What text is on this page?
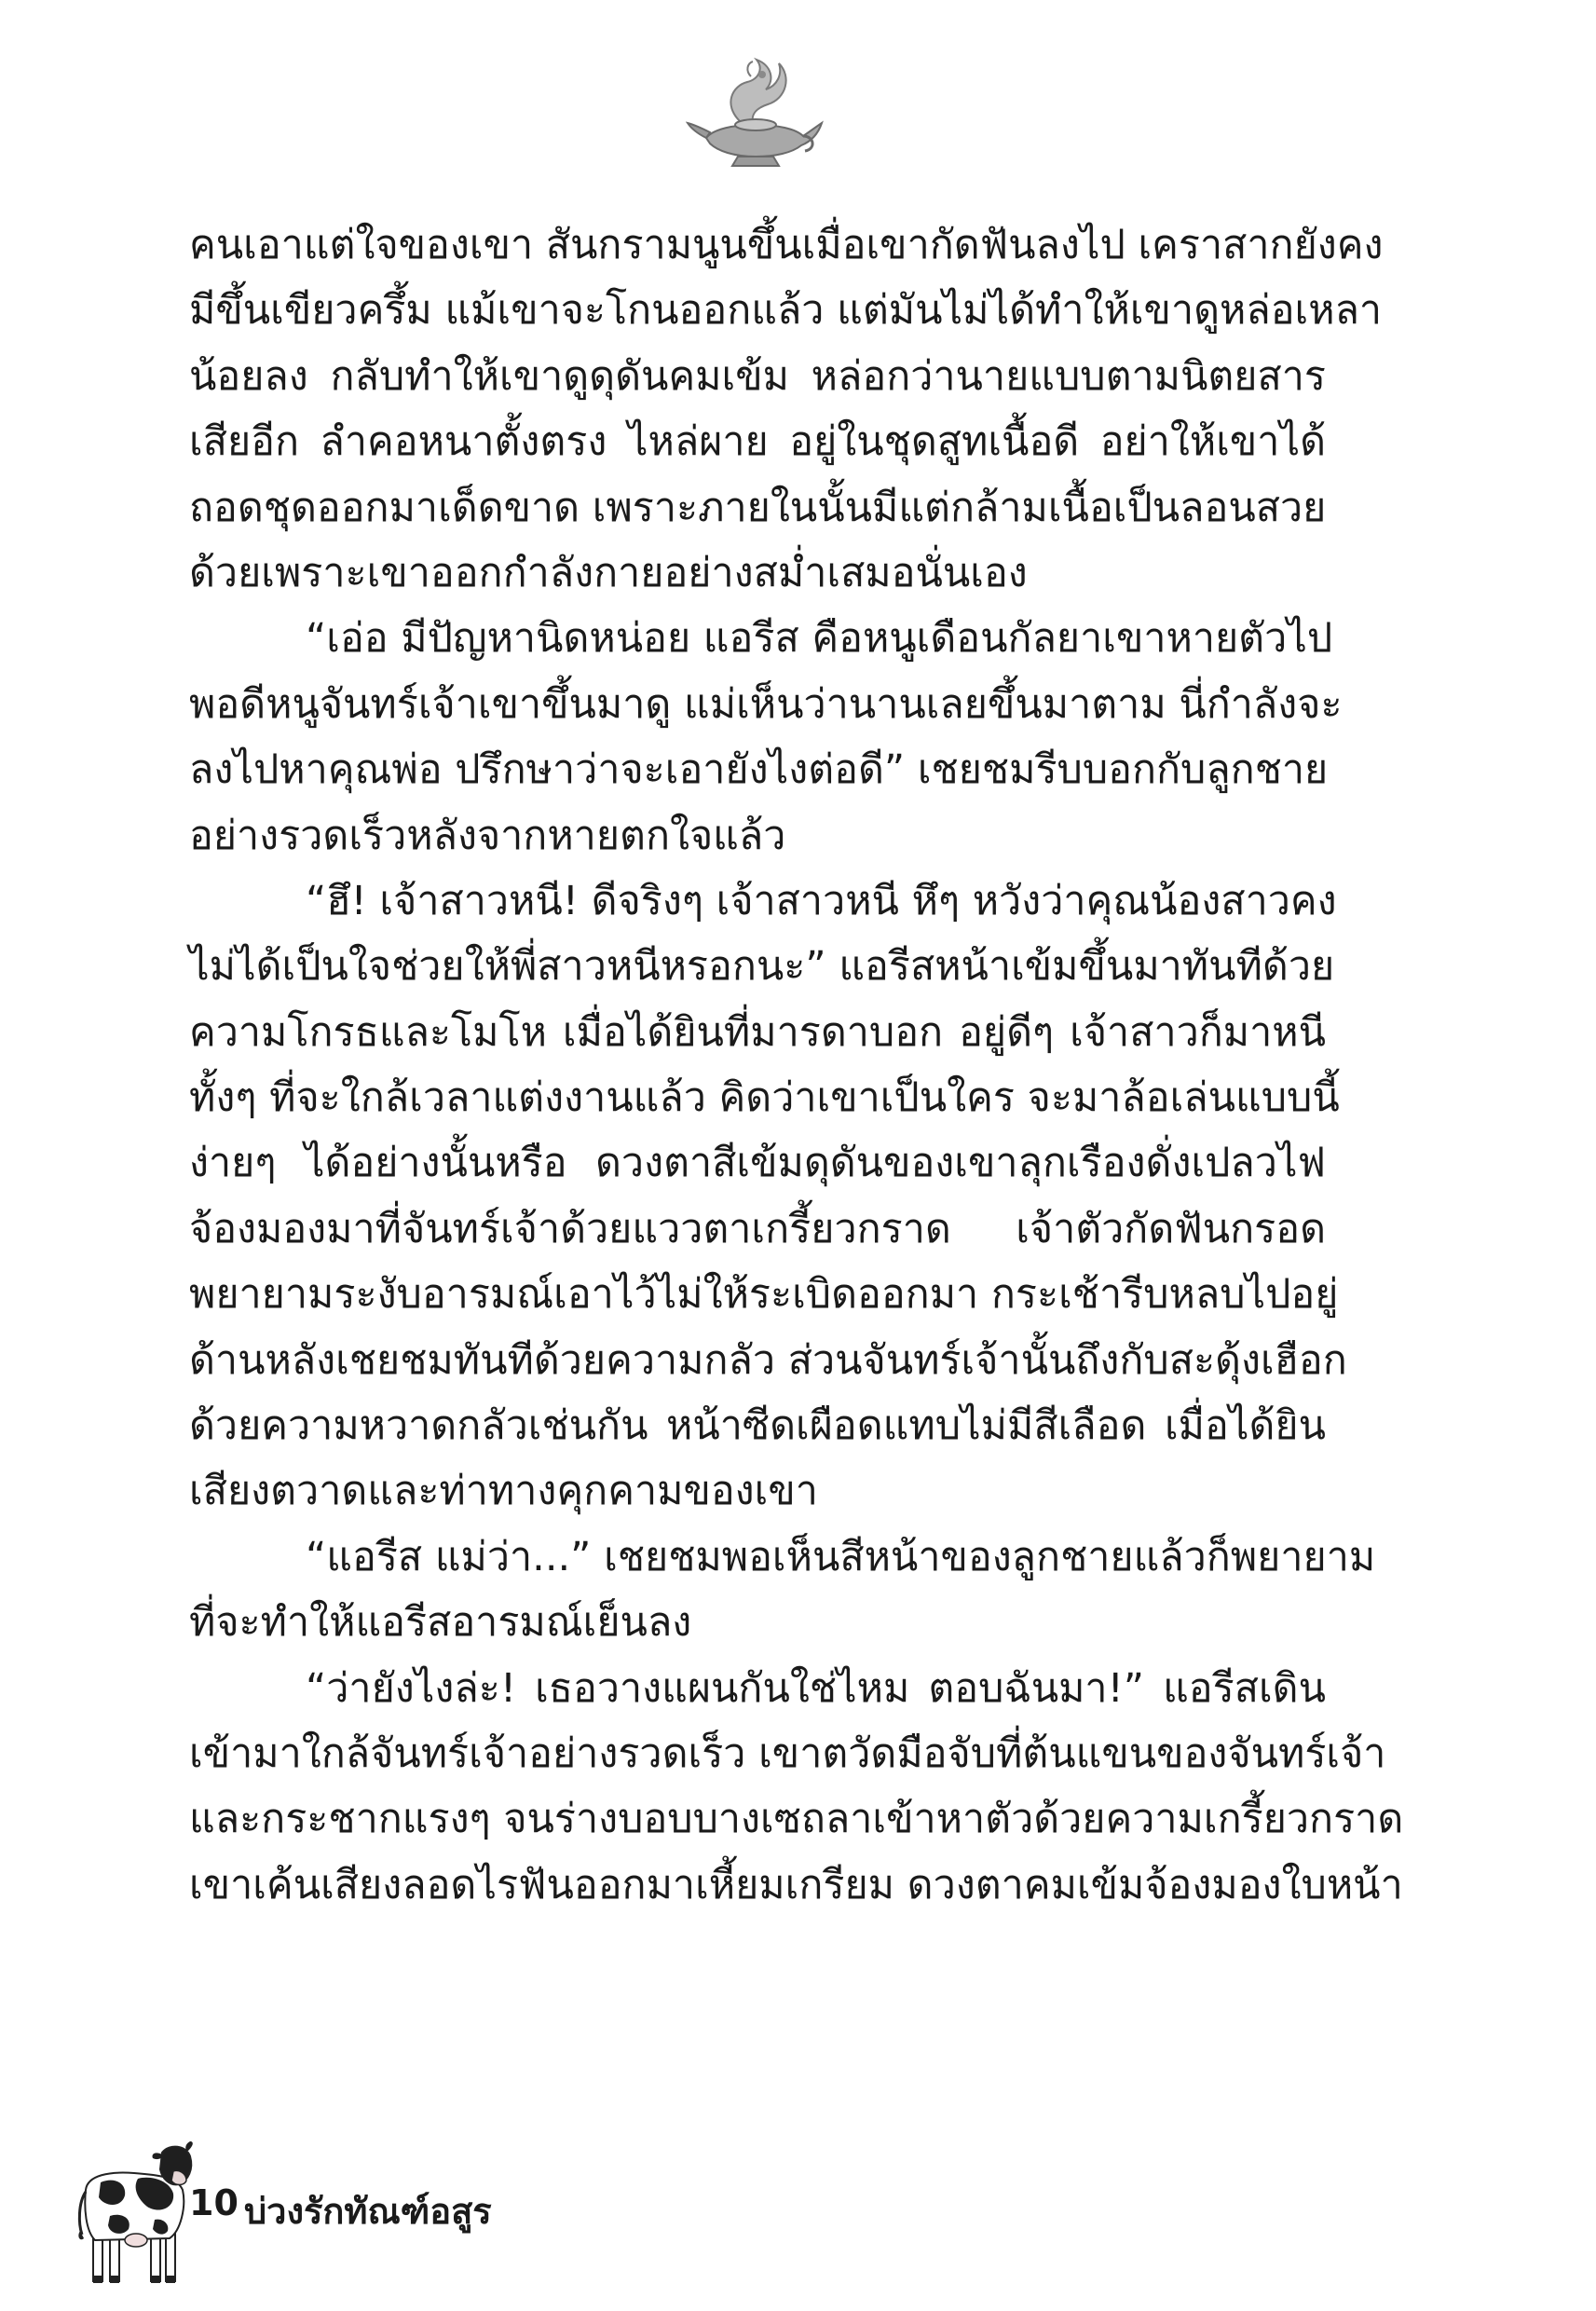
คนเอาแต่ใจของเขา สันกรามนูนขึ้นเมื่อเขากัดฟันลงไป เคราสากยังคง
มีขึ้นเขียวครึ้ม แม้เขาจะโกนออกแล้ว แต่มันไม่ได้ทำให้เขาดูหล่อเหลา
น้อยลง กลับทำให้เขาดูดุดันคมเข้ม หล่อกว่านายแบบตามนิตยสาร
เสียอีก ลำคอหนาตั้งตรง ไหล่ผาย อยู่ในชุดสูทเนื้อดี อย่าให้เขาได้
ถอดชุดออกมาเด็ดขาด เพราะภายในนั้นมีแต่กล้ามเนื้อเป็นลอนสวย
ด้วยเพราะเขาออกกำลังกายอย่างสม่ำเสมอนั่นเอง
“เอ่อ มีปัญหานิดหน่อย แอรีส คือหนูเดือนกัลยาเขาหายตัวไป
พอดีหนูจันทร์เจ้าเขาขึ้นมาดู แม่เห็นว่านานเลยขึ้นมาตาม นี่กำลังจะ
ลงไปหาคุณพ่อ ปรึกษาว่าจะเอายังไงต่อดี” เชยชมรีบบอกกับลูกชาย
อย่างรวดเร็วหลังจากหายตกใจแล้ว
“ฮึ! เจ้าสาวหนี! ดีจริงๆ เจ้าสาวหนี หึๆ หวังว่าคุณน้องสาวคง
ไม่ได้เป็นใจช่วยให้พี่สาวหนีหรอกนะ” แอรีสหน้าเข้มขึ้นมาทันทีด้วย
ความโกรธและโมโห เมื่อได้ยินที่มารดาบอก อยู่ดีๆ เจ้าสาวก็มาหนี
ทั้งๆ ที่จะใกล้เวลาแต่งงานแล้ว คิดว่าเขาเป็นใคร จะมาล้อเล่นแบบนี้
ง่ายๆ ได้อย่างนั้นหรือ ดวงตาสีเข้มดุดันของเขาลุกเรืองดั่งเปลวไฟ
จ้องมองมาที่จันทร์เจ้าด้วยแววตาเกรี้ยวกราด เจ้าตัวกัดฟันกรอด
พยายามระงับอารมณ์เอาไว้ไม่ให้ระเบิดออกมา กระเช้ารีบหลบไปอยู่
ด้านหลังเชยชมทันทีด้วยความกลัว ส่วนจันทร์เจ้านั้นถึงกับสะดุ้งเฮือก
ด้วยความหวาดกลัวเช่นกัน หน้าซีดเผือดแทบไม่มีสีเลือด เมื่อได้ยิน
เสียงตวาดและท่าทางคุกคามของเขา
“แอรีส แม่ว่า...” เชยชมพอเห็นสีหน้าของลูกชายแล้วก็พยายาม
ที่จะทำให้แอรีสอารมณ์เย็นลง
“ว่ายังไงล่ะ! เธอวางแผนกันใช่ไหม ตอบฉันมา!” แอรีสเดิน
เข้ามาใกล้จันทร์เจ้าอย่างรวดเร็ว เขาตวัดมือจับที่ต้นแขนของจันทร์เจ้า
และกระชากแรงๆ จนร่างบอบบางเซถลาเข้าหาตัวด้วยความเกรี้ยวกราด
เขาเค้นเสียงลอดไรฟันออกมาเหี้ยมเกรียม ดวงตาคมเข้มจ้องมองใบหน้า
10 บ่วงรักทัณฑ์อสูร
